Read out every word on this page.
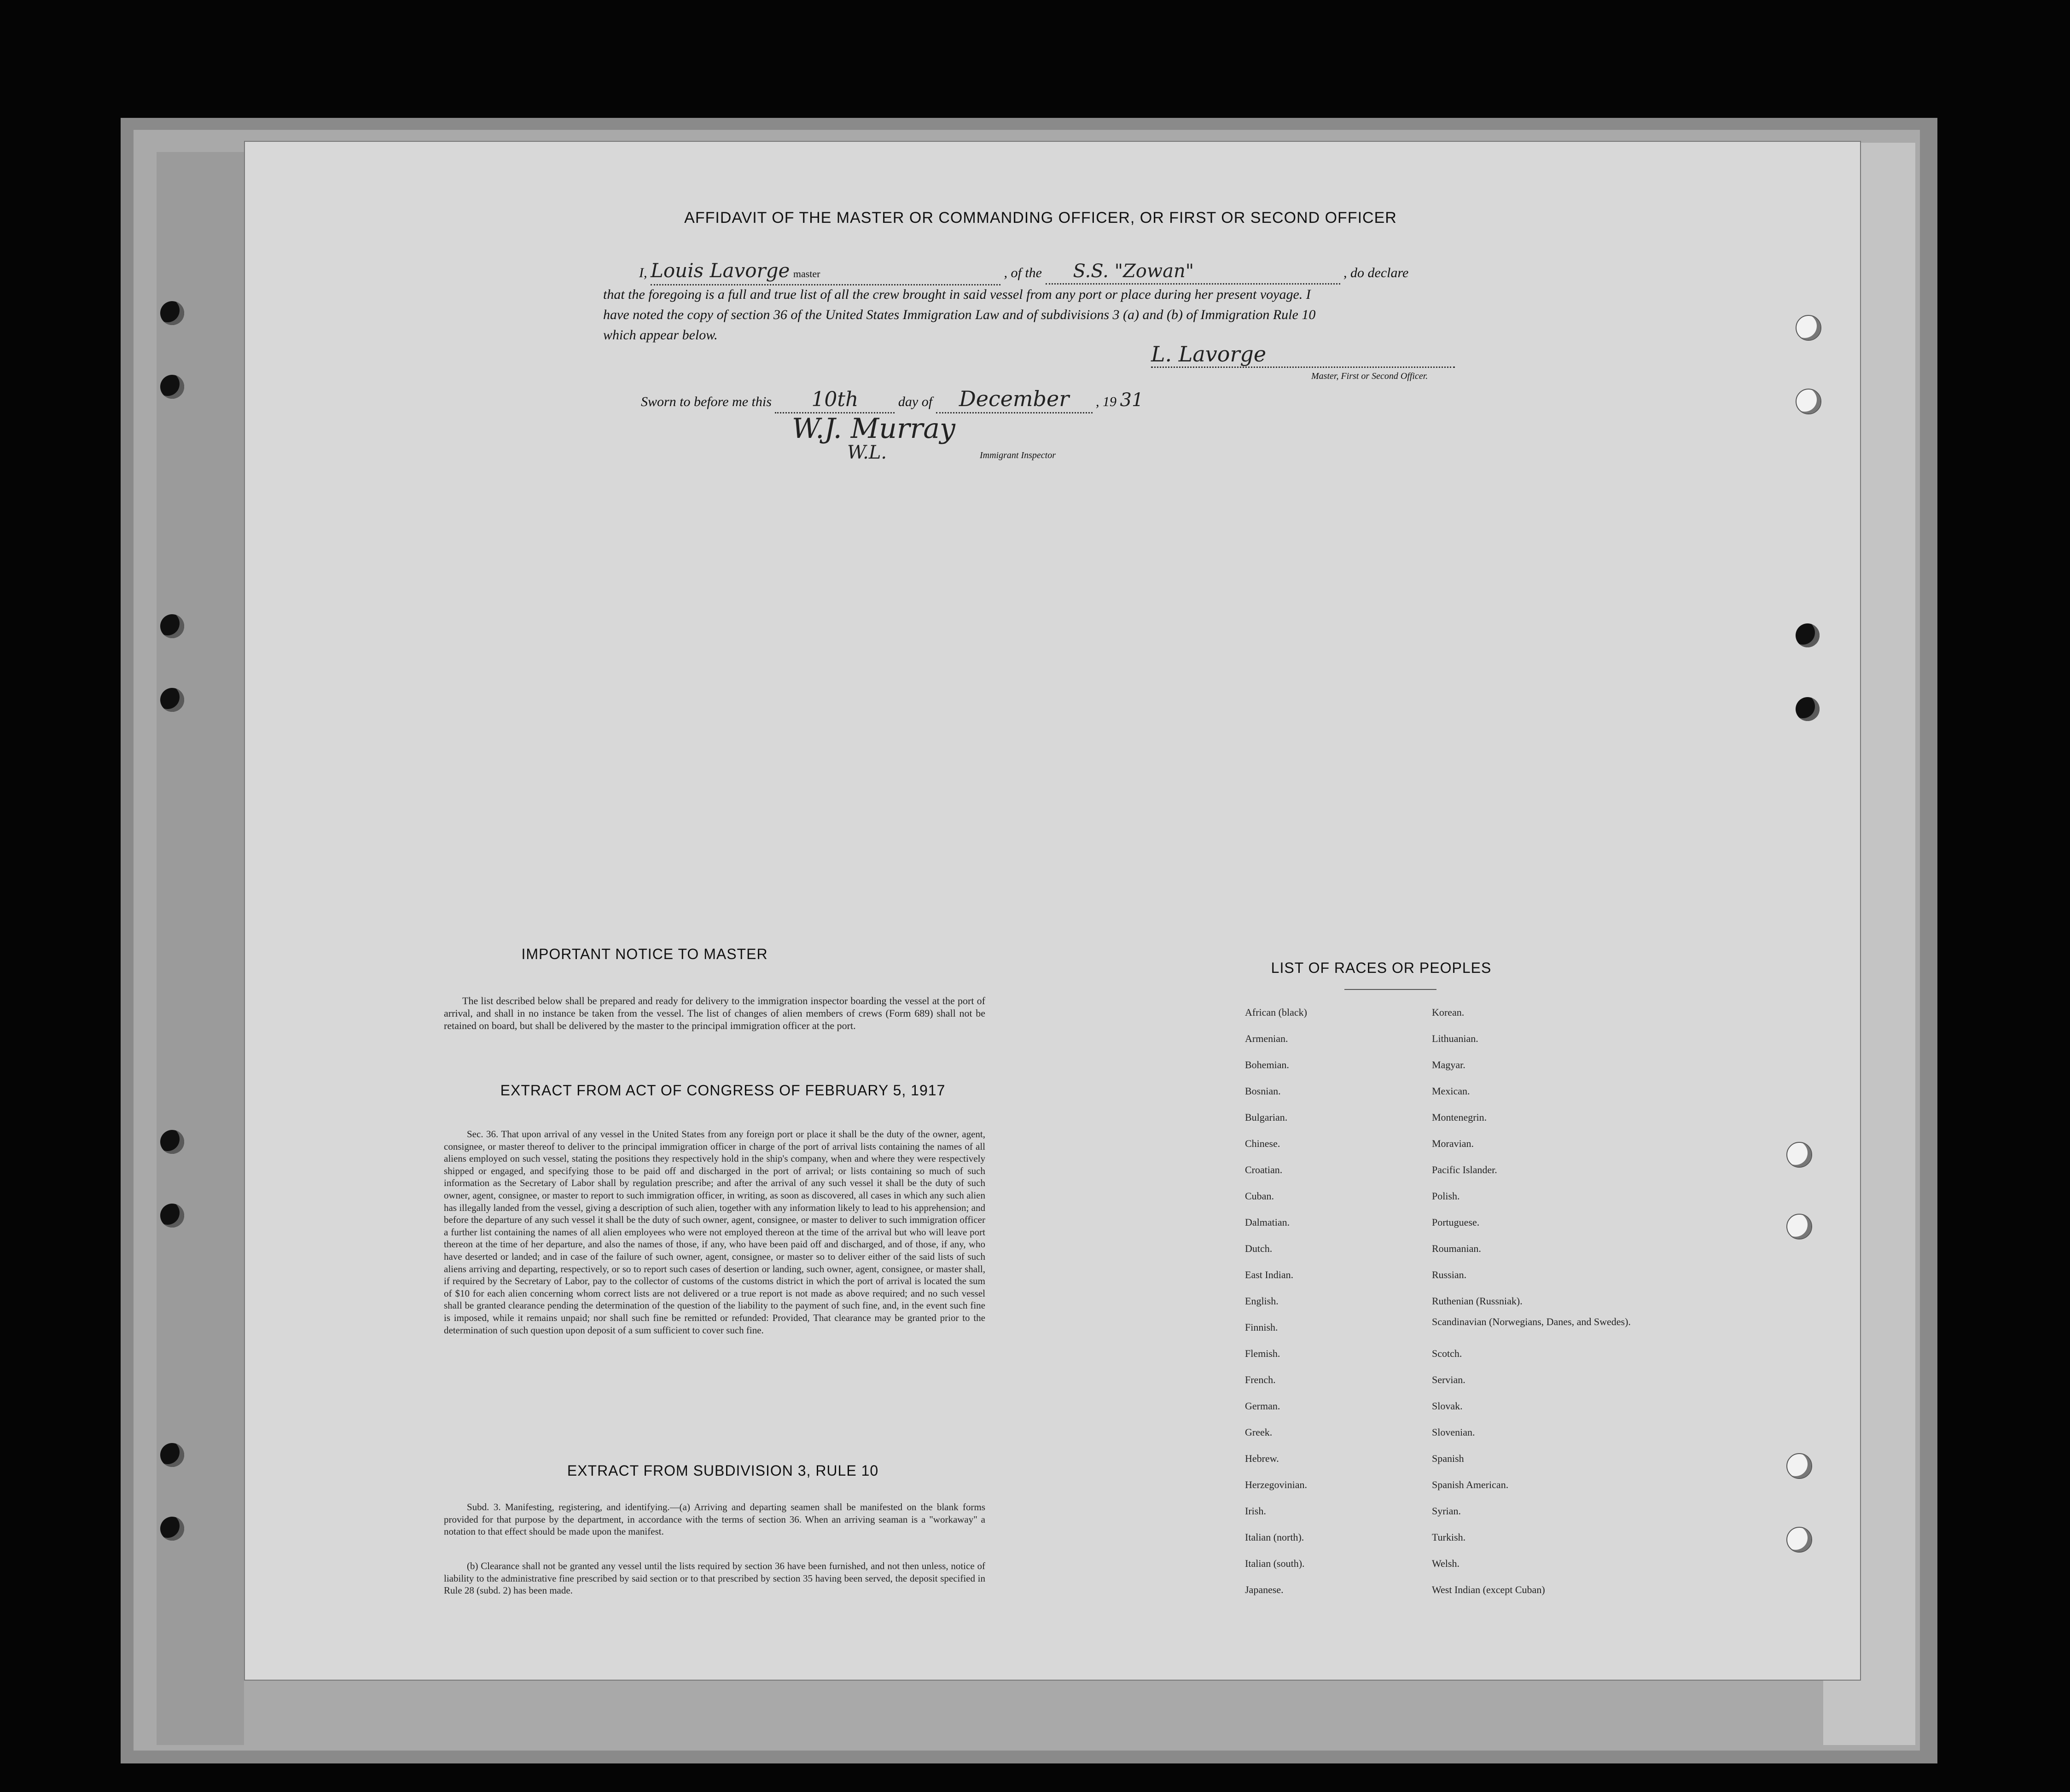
AFFIDAVIT OF THE MASTER OR COMMANDING OFFICER, OR FIRST OR SECOND OFFICER
I, Louis Lavorge master	, of the S.S. "Zowan"	, do declare
that the foregoing is a full and true list of all the crew brought in said vessel from any port or place during her present voyage. I
have noted the copy of section 36 of the United States Immigration Law and of subdivisions 3 (a) and (b) of Immigration Rule 10
which appear below.
L. Lavorge
Master, First or Second Officer.
Sworn to before me this 10th	day of December , 19 31
W.J. Murray
W.L.	Immigrant Inspector
IMPORTANT NOTICE TO MASTER
The list described below shall be prepared and ready for delivery to the immigration inspector boarding the vessel at the port of arrival, and shall in no instance be taken from the vessel. The list of changes of alien members of crews (Form 689) shall not be retained on board, but shall be delivered by the master to the principal immigration officer at the port.
EXTRACT FROM ACT OF CONGRESS OF FEBRUARY 5, 1917
Sec. 36. That upon arrival of any vessel in the United States from any foreign port or place it shall be the duty of the owner, agent, consignee, or master thereof to deliver to the principal immigration officer in charge of the port of arrival lists containing the names of all aliens employed on such vessel, stating the positions they respectively hold in the ship's company, when and where they were respectively shipped or engaged, and specifying those to be paid off and discharged in the port of arrival; or lists containing so much of such information as the Secretary of Labor shall by regulation prescribe; and after the arrival of any such vessel it shall be the duty of such owner, agent, consignee, or master to report to such immigration officer, in writing, as soon as discovered, all cases in which any such alien has illegally landed from the vessel, giving a description of such alien, together with any information likely to lead to his apprehension; and before the departure of any such vessel it shall be the duty of such owner, agent, consignee, or master to deliver to such immigration officer a further list containing the names of all alien employees who were not employed thereon at the time of the arrival but who will leave port thereon at the time of her departure, and also the names of those, if any, who have been paid off and discharged, and of those, if any, who have deserted or landed; and in case of the failure of such owner, agent, consignee, or master so to deliver either of the said lists of such aliens arriving and departing, respectively, or so to report such cases of desertion or landing, such owner, agent, consignee, or master shall, if required by the Secretary of Labor, pay to the collector of customs of the customs district in which the port of arrival is located the sum of $10 for each alien concerning whom correct lists are not delivered or a true report is not made as above required; and no such vessel shall be granted clearance pending the determination of the question of the liability to the payment of such fine, and, in the event such fine is imposed, while it remains unpaid; nor shall such fine be remitted or refunded: Provided, That clearance may be granted prior to the determination of such question upon deposit of a sum sufficient to cover such fine.
EXTRACT FROM SUBDIVISION 3, RULE 10
Subd. 3. Manifesting, registering, and identifying.—(a) Arriving and departing seamen shall be manifested on the blank forms provided for that purpose by the department, in accordance with the terms of section 36. When an arriving seaman is a "workaway" a notation to that effect should be made upon the manifest.
(b) Clearance shall not be granted any vessel until the lists required by section 36 have been furnished, and not then unless, notice of liability to the administrative fine prescribed by said section or to that prescribed by section 35 having been served, the deposit specified in Rule 28 (subd. 2) has been made.
LIST OF RACES OR PEOPLES
African (black)
Armenian.
Bohemian.
Bosnian.
Bulgarian.
Chinese.
Croatian.
Cuban.
Dalmatian.
Dutch.
East Indian.
English.
Finnish.
Flemish.
French.
German.
Greek.
Hebrew.
Herzegovinian.
Irish.
Italian (north).
Italian (south).
Japanese.
Korean.
Lithuanian.
Magyar.
Mexican.
Montenegrin.
Moravian.
Pacific Islander.
Polish.
Portuguese.
Roumanian.
Russian.
Ruthenian (Russniak).
Scandinavian (Norwegians, Danes, and Swedes).
Scotch.
Servian.
Slovak.
Slovenian.
Spanish
Spanish American.
Syrian.
Turkish.
Welsh.
West Indian (except Cuban)
